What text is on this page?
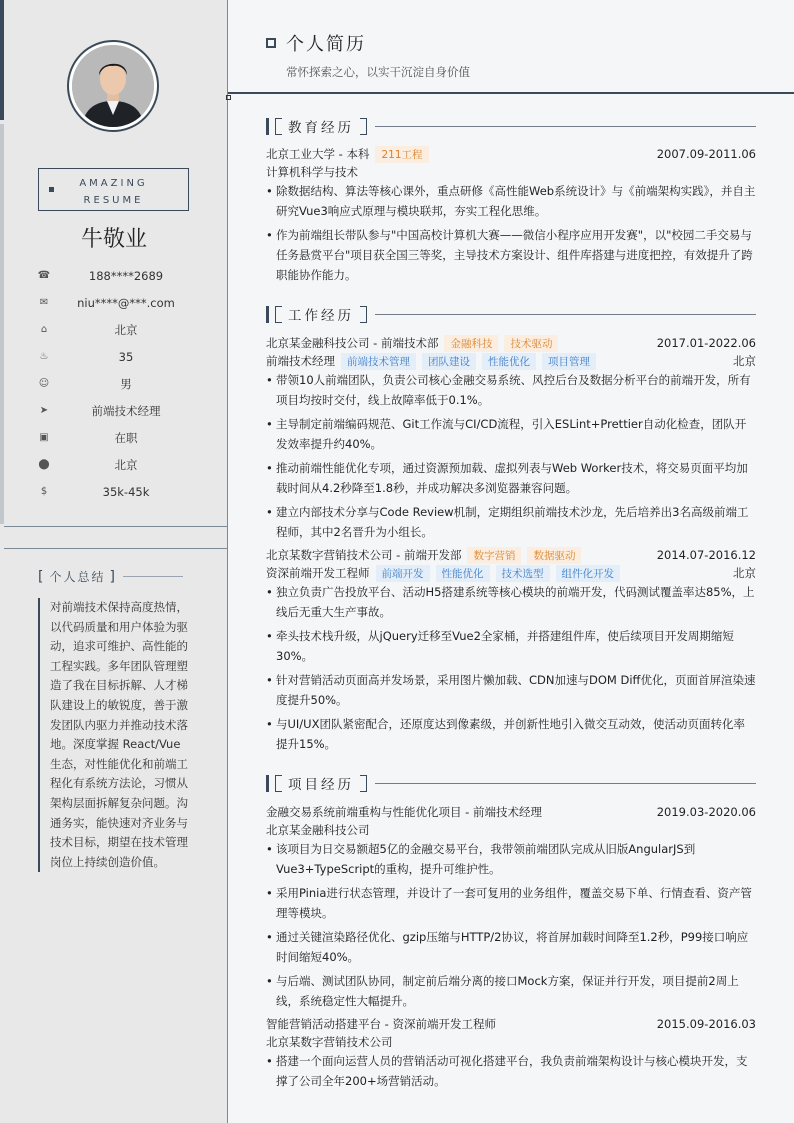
AMAZING
RESUME
牛敬业
☎	188****2689
✉	niu****@***.com
⌂	北京
♨	35
☺	男
➤	前端技术经理
▣	在职
⬤	北京
$	35k-45k
[ 个人总结 ]
对前端技术保持高度热情，以代码质量和用户体验为驱动，追求可维护、高性能的工程实践。多年团队管理塑造了我在目标拆解、人才梯队建设上的敏锐度，善于激发团队内驱力并推动技术落地。深度掌握 React/Vue 生态，对性能优化和前端工程化有系统方法论，习惯从架构层面拆解复杂问题。沟通务实，能快速对齐业务与技术目标，期望在技术管理岗位上持续创造价值。
个人简历
常怀探索之心，以实干沉淀自身价值
教育经历
北京工业大学 - 本科	211工程	2007.09-2011.06
计算机科学与技术
• 除数据结构、算法等核心课外，重点研修《高性能Web系统设计》与《前端架构实践》，并自主研究Vue3响应式原理与模块联邦，夯实工程化思维。
• 作为前端组长带队参与"中国高校计算机大赛——微信小程序应用开发赛"，以"校园二手交易与任务悬赏平台"项目获全国三等奖，主导技术方案设计、组件库搭建与进度把控，有效提升了跨职能协作能力。
工作经历
北京某金融科技公司 - 前端技术部	金融科技	技术驱动	2017.01-2022.06
前端技术经理	前端技术管理	团队建设	性能优化	项目管理	北京
• 带领10人前端团队，负责公司核心金融交易系统、风控后台及数据分析平台的前端开发，所有项目均按时交付，线上故障率低于0.1%。
• 主导制定前端编码规范、Git工作流与CI/CD流程，引入ESLint+Prettier自动化检查，团队开发效率提升约40%。
• 推动前端性能优化专项，通过资源预加载、虚拟列表与Web Worker技术，将交易页面平均加载时间从4.2秒降至1.8秒，并成功解决多浏览器兼容问题。
• 建立内部技术分享与Code Review机制，定期组织前端技术沙龙，先后培养出3名高级前端工程师，其中2名晋升为小组长。
北京某数字营销技术公司 - 前端开发部	数字营销	数据驱动	2014.07-2016.12
资深前端开发工程师	前端开发	性能优化	技术选型	组件化开发	北京
• 独立负责广告投放平台、活动H5搭建系统等核心模块的前端开发，代码测试覆盖率达85%，上线后无重大生产事故。
• 牵头技术栈升级，从jQuery迁移至Vue2全家桶，并搭建组件库，使后续项目开发周期缩短30%。
• 针对营销活动页面高并发场景，采用图片懒加载、CDN加速与DOM Diff优化，页面首屏渲染速度提升50%。
• 与UI/UX团队紧密配合，还原度达到像素级，并创新性地引入微交互动效，使活动页面转化率提升15%。
项目经历
金融交易系统前端重构与性能优化项目 - 前端技术经理	2019.03-2020.06
北京某金融科技公司
• 该项目为日交易额超5亿的金融交易平台，我带领前端团队完成从旧版AngularJS到Vue3+TypeScript的重构，提升可维护性。
• 采用Pinia进行状态管理，并设计了一套可复用的业务组件，覆盖交易下单、行情查看、资产管理等模块。
• 通过关键渲染路径优化、gzip压缩与HTTP/2协议，将首屏加载时间降至1.2秒，P99接口响应时间缩短40%。
• 与后端、测试团队协同，制定前后端分离的接口Mock方案，保证并行开发，项目提前2周上线，系统稳定性大幅提升。
智能营销活动搭建平台 - 资深前端开发工程师	2015.09-2016.03
北京某数字营销技术公司
• 搭建一个面向运营人员的营销活动可视化搭建平台，我负责前端架构设计与核心模块开发，支撑了公司全年200+场营销活动。
